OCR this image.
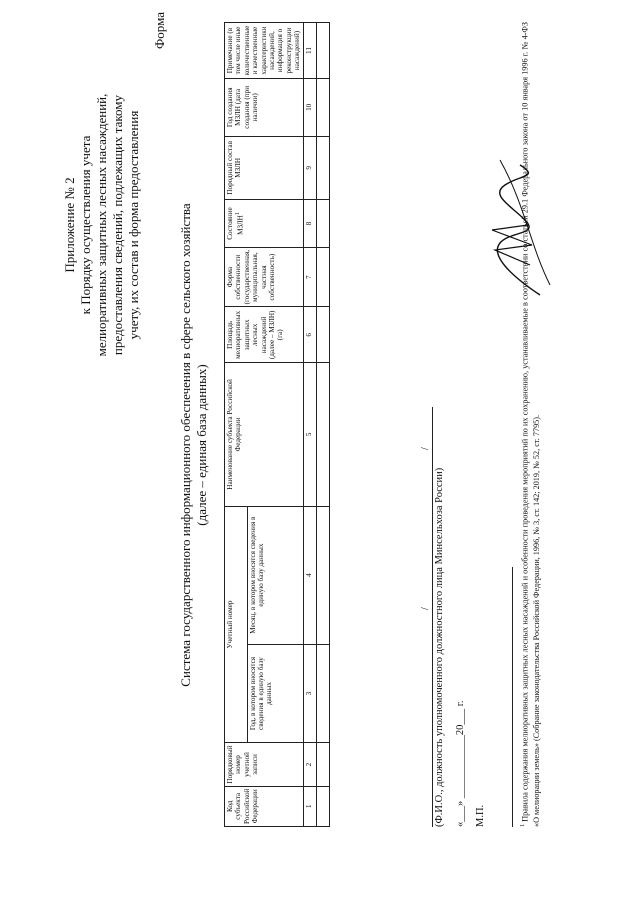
Приложение № 2 к Порядку осуществления учета мелиоративных защитных лесных насаждений, предоставления сведений, подлежащих такому учету, их состав и форма предоставления
Форма
Система государственного информационного обеспечения в сфере сельского хозяйства (далее – единая база данных)
Код субъекта Российской Федерации	Порядковый номер учетной записи	Учетный номер		Наименование субъекта Российской Федерации	Площадь мелиоративных защитных лесных насаждений (далее – МЗЛН) (га)	Форма собственности (государственная, муниципальная, частная собственность)	Состояние МЗЛН$^1$	Породный состав МЗЛН	Год создания МЗЛН (дата создания (при наличии)	Примечание (в том числе иные количественные и качественные характеристики насаждений, информация о реконструкции насаждений)
		Год, в котором вносятся сведения в единую базу данных	Месяц, в котором вносятся сведения в единую базу данных							
1	2	3	4	5	6	7	8	9	10	11

/
/
(Ф.И.О., должность уполномоченного должностного лица Минсельхоза России) «___» ____________20___ г. М.П.	$^1$ Правила содержания мелиоративных защитных лесных насаждений и особенности проведения мероприятий по их сохранению, устанавливаемые в соответствии со статьей 29.1 Федерального закона от 10 января 1996 г. № 4-ФЗ «О мелиорации земель» (Собрание законодательства Российской Федерации, 1996, № 3, ст. 142; 2019, № 52, ст. 7795).
